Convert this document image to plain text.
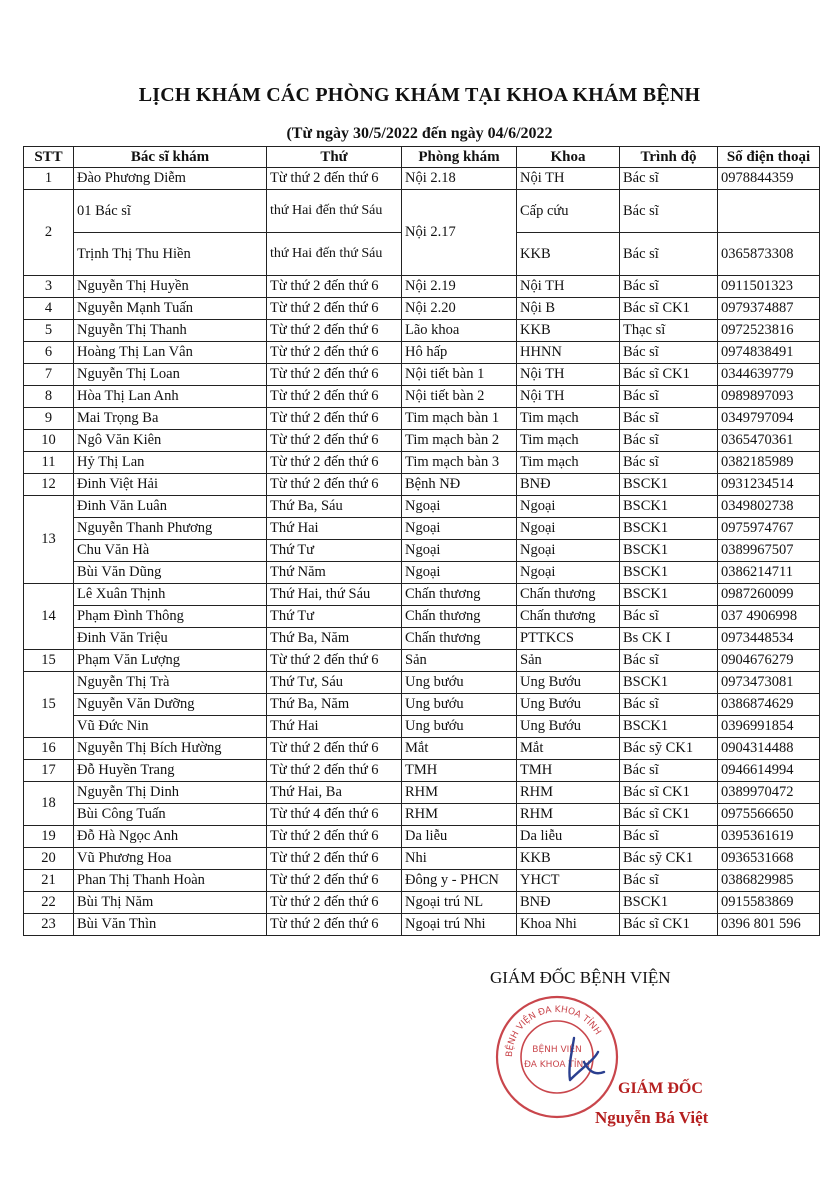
LỊCH KHÁM CÁC PHÒNG KHÁM TẠI KHOA KHÁM BỆNH
(Từ ngày 30/5/2022 đến ngày 04/6/2022
STT	Bác sĩ khám	Thứ	Phòng khám	Khoa	Trình độ	Số điện thoại
1	Đào Phương Diễm	Từ thứ 2 đến thứ 6	Nội 2.18	Nội TH	Bác sĩ	0978844359
2	01 Bác sĩ	thứ Hai đến thứ Sáu	Nội 2.17	Cấp cứu	Bác sĩ	
	Trịnh Thị Thu Hiền	thứ Hai đến thứ Sáu		KKB	Bác sĩ	0365873308
3	Nguyễn Thị Huyền	Từ thứ 2 đến thứ 6	Nội 2.19	Nội TH	Bác sĩ	0911501323
4	Nguyễn Mạnh Tuấn	Từ thứ 2 đến thứ 6	Nội 2.20	Nội B	Bác sĩ CK1	0979374887
5	Nguyễn Thị Thanh	Từ thứ 2 đến thứ 6	Lão khoa	KKB	Thạc sĩ	0972523816
6	Hoàng Thị Lan Vân	Từ thứ 2 đến thứ 6	Hô hấp	HHNN	Bác sĩ	0974838491
7	Nguyễn Thị Loan	Từ thứ 2 đến thứ 6	Nội tiết bàn 1	Nội TH	Bác sĩ CK1	0344639779
8	Hòa Thị Lan Anh	Từ thứ 2 đến thứ 6	Nội tiết bàn 2	Nội TH	Bác sĩ	0989897093
9	Mai Trọng Ba	Từ thứ 2 đến thứ 6	Tim mạch bàn 1	Tim mạch	Bác sĩ	0349797094
10	Ngô Văn Kiên	Từ thứ 2 đến thứ 6	Tim mạch bàn 2	Tim mạch	Bác sĩ	0365470361
11	Hỷ Thị Lan	Từ thứ 2 đến thứ 6	Tim mạch bàn 3	Tim mạch	Bác sĩ	0382185989
12	Đinh Việt Hải	Từ thứ 2 đến thứ 6	Bệnh NĐ	BNĐ	BSCK1	0931234514
13	Đinh Văn Luân	Thứ Ba, Sáu	Ngoại	Ngoại	BSCK1	0349802738
	Nguyễn Thanh Phương	Thứ Hai	Ngoại	Ngoại	BSCK1	0975974767
	Chu Văn Hà	Thứ Tư	Ngoại	Ngoại	BSCK1	0389967507
	Bùi Văn Dũng	Thứ Năm	Ngoại	Ngoại	BSCK1	0386214711
14	Lê Xuân Thịnh	Thứ Hai, thứ Sáu	Chấn thương	Chấn thương	BSCK1	0987260099
	Phạm Đình Thông	Thứ Tư	Chấn thương	Chấn thương	Bác sĩ	037 4906998
	Đinh Văn Triệu	Thứ Ba, Năm	Chấn thương	PTTKCS	Bs CK I	0973448534
15	Phạm Văn Lượng	Từ thứ 2 đến thứ 6	Sản	Sản	Bác sĩ	0904676279
15	Nguyễn Thị Trà	Thứ Tư, Sáu	Ung bướu	Ung Bướu	BSCK1	0973473081
	Nguyễn Văn Dưỡng	Thứ Ba, Năm	Ung bướu	Ung Bướu	Bác sĩ	0386874629
	Vũ Đức Nin	Thứ Hai	Ung bướu	Ung Bướu	BSCK1	0396991854
16	Nguyễn Thị Bích Hường	Từ thứ 2 đến thứ 6	Mắt	Mắt	Bác sỹ CK1	0904314488
17	Đỗ Huyền Trang	Từ thứ 2 đến thứ 6	TMH	TMH	Bác sĩ	0946614994
18	Nguyễn Thị Dinh	Thứ Hai, Ba	RHM	RHM	Bác sĩ CK1	0389970472
	Bùi Công Tuấn	Từ thứ 4 đến thứ 6	RHM	RHM	Bác sĩ CK1	0975566650
19	Đỗ Hà Ngọc Anh	Từ thứ 2 đến thứ 6	Da liễu	Da liễu	Bác sĩ	0395361619
20	Vũ Phương Hoa	Từ thứ 2 đến thứ 6	Nhi	KKB	Bác sỹ CK1	0936531668
21	Phan Thị Thanh Hoàn	Từ thứ 2 đến thứ 6	Đông y - PHCN	YHCT	Bác sĩ	0386829985
22	Bùi Thị Năm	Từ thứ 2 đến thứ 6	Ngoại trú NL	BNĐ	BSCK1	0915583869
23	Bùi Văn Thìn	Từ thứ 2 đến thứ 6	Ngoại trú Nhi	Khoa Nhi	Bác sĩ CK1	0396 801 596
GIÁM ĐỐC BỆNH VIỆN
BỆNH VIỆN ĐA KHOA TỈNH
BỆNH VIỆN
ĐA KHOA TỈNH
GIÁM ĐỐC
Nguyễn Bá Việt
